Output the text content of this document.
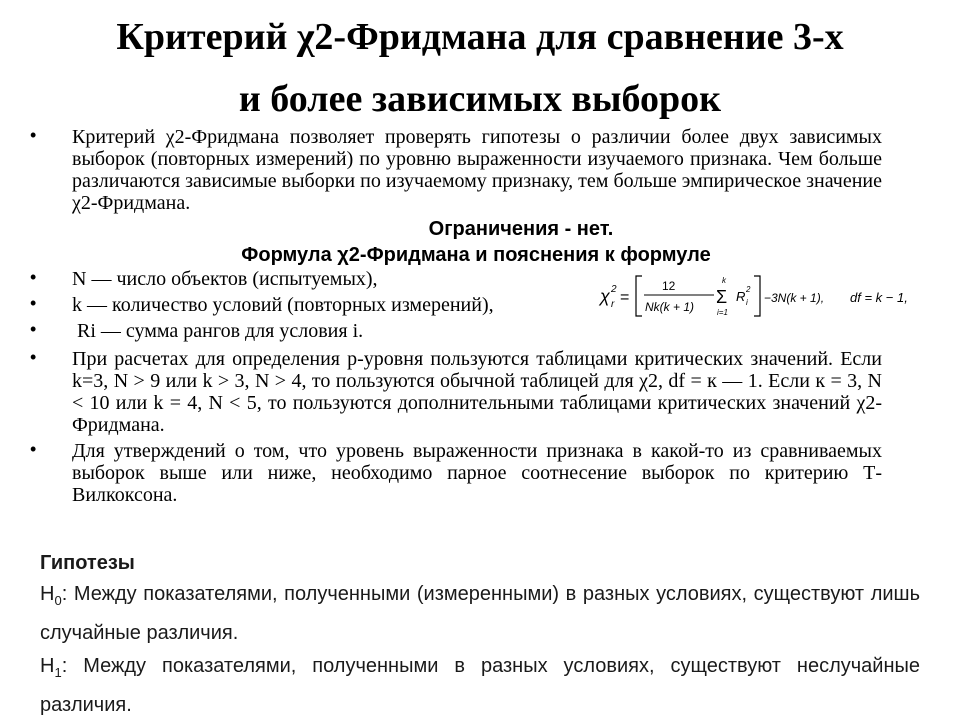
Критерий χ2-Фридмана для сравнение 3-х
и более зависимых выборок
•	Критерий χ2-Фридмана позволяет проверять гипотезы о различии более двух зависимых выборок (повторных измерений) по уровню выраженности изучаемого признака. Чем больше различаются зависимые выборки по изучаемому признаку, тем больше эмпирическое значение χ2-Фридмана.
Ограничения - нет.
Формула χ2-Фридмана и пояснения к формуле
•	N — число объектов (испытуемых),
•	k — количество условий (повторных измерений),
•	Ri — сумма рангов для условия i.
χ 2
r =
12
Nk(k + 1)
k
Σ
i=1
R 2
i −3N(k + 1), df = k − 1,
•	При расчетах для определения р-уровня пользуются таблицами критических значений. Если k=3, N > 9 или k > 3, N > 4, то пользуются обычной таблицей для χ2, df = к — 1. Если к = 3, N < 10 или k = 4, N < 5, то пользуются дополнительными таблицами критических значений χ2- Фридмана.
•	Для утверждений о том, что уровень выраженности признака в какой-то из сравниваемых выборок выше или ниже, необходимо парное соотнесение выборок по критерию Т-Вилкоксона.
Гипотезы

$H_0$: Между показателями, полученными (измеренными) в разных условиях, существуют лишь случайные различия.

$H_1$: Между показателями, полученными в разных условиях, существуют неслучайные различия.
